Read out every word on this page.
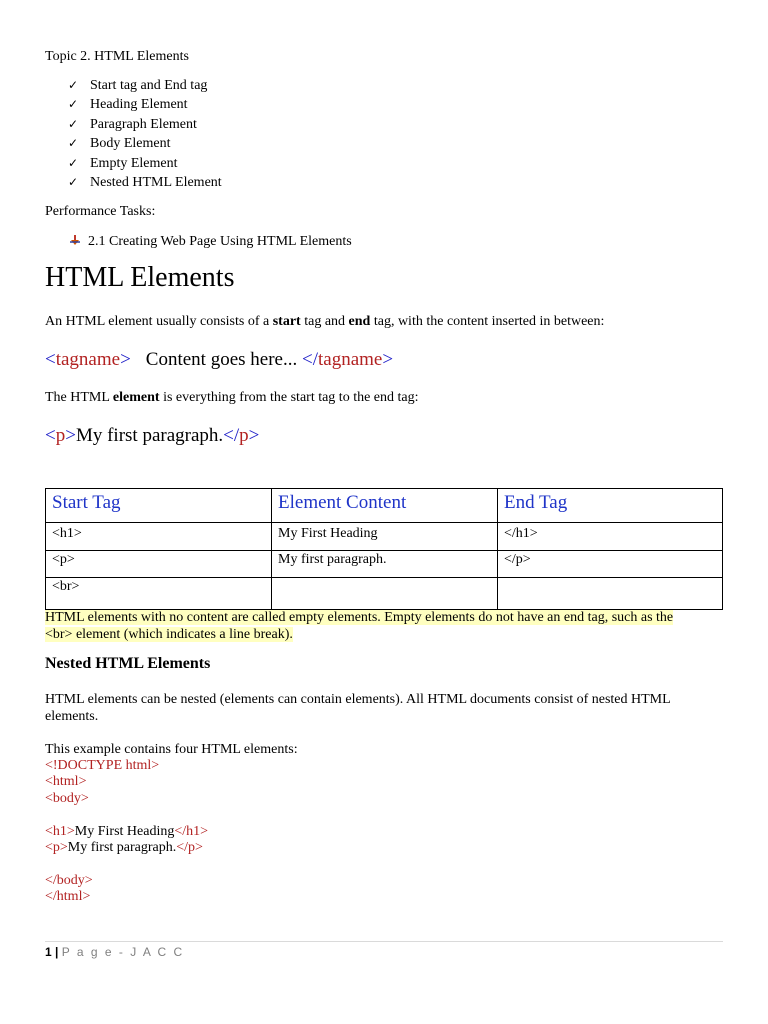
Topic 2. HTML Elements
✓ Start tag and End tag
✓ Heading Element
✓ Paragraph Element
✓ Body Element
✓ Empty Element
✓ Nested HTML Element
Performance Tasks:
2.1 Creating Web Page Using HTML Elements
HTML Elements
An HTML element usually consists of a start tag and end tag, with the content inserted in between:
<tagname> Content goes here... </tagname>
The HTML element is everything from the start tag to the end tag:
<p>My first paragraph.</p>
Start Tag	Element Content	End Tag
<h1>	My First Heading	</h1>
<p>	My first paragraph.	</p>
<br>		
HTML elements with no content are called empty elements. Empty elements do not have an end tag, such as the
<br> element (which indicates a line break).
Nested HTML Elements
HTML elements can be nested (elements can contain elements). All HTML documents consist of nested HTML elements.
This example contains four HTML elements:
<!DOCTYPE html>
<html>
<body>
<h1>My First Heading</h1>
<p>My first paragraph.</p>
</body>
</html>
1 | P a g e - J A C C
